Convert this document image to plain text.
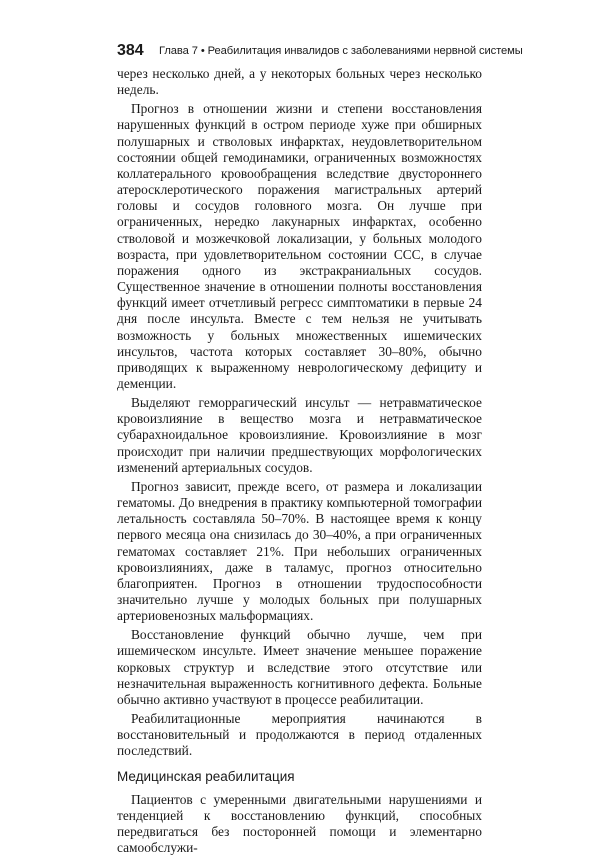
384 Глава 7 • Реабилитация инвалидов с заболеваниями нервной системы

через несколько дней, а у некоторых больных через несколько недель.

Прогноз в отношении жизни и степени восстановления нарушенных функций в остром периоде хуже при обширных полушарных и стволовых инфарктах, неудовлетворительном состоянии общей гемодинамики, ограниченных возможностях коллатерального кровообращения вследствие двустороннего атеросклеротического поражения магистральных артерий головы и сосудов головного мозга. Он лучше при ограниченных, нередко лакунарных инфарктах, особенно стволовой и мозжечковой локализации, у больных молодого возраста, при удовлетворительном состоянии ССС, в случае поражения одного из экстракраниальных сосудов. Существенное значение в отношении полноты восстановления функций имеет отчетливый регресс симптоматики в первые 24 дня после инсульта. Вместе с тем нельзя не учитывать возможность у больных множественных ишемических инсультов, частота которых составляет 30–80%, обычно приводящих к выраженному неврологическому дефициту и деменции.

Выделяют геморрагический инсульт — нетравматическое кровоизлияние в вещество мозга и нетравматическое субарахноидальное кровоизлияние. Кровоизлияние в мозг происходит при наличии предшествующих морфологических изменений артериальных сосудов.

Прогноз зависит, прежде всего, от размера и локализации гематомы. До внедрения в практику компьютерной томографии летальность составляла 50–70%. В настоящее время к концу первого месяца она снизилась до 30–40%, а при ограниченных гематомах составляет 21%. При небольших ограниченных кровоизлияниях, даже в таламус, прогноз относительно благоприятен. Прогноз в отношении трудоспособности значительно лучше у молодых больных при полушарных артериовенозных мальформациях.

Восстановление функций обычно лучше, чем при ишемическом инсульте. Имеет значение меньшее поражение корковых структур и вследствие этого отсутствие или незначительная выраженность когнитивного дефекта. Больные обычно активно участвуют в процессе реабилитации.

Реабилитационные мероприятия начинаются в восстановительный и продолжаются в период отдаленных последствий.

Медицинская реабилитация

Пациентов с умеренными двигательными нарушениями и тенденцией к восстановлению функций, способных передвигаться без посторонней помощи и элементарно самообслужи-
